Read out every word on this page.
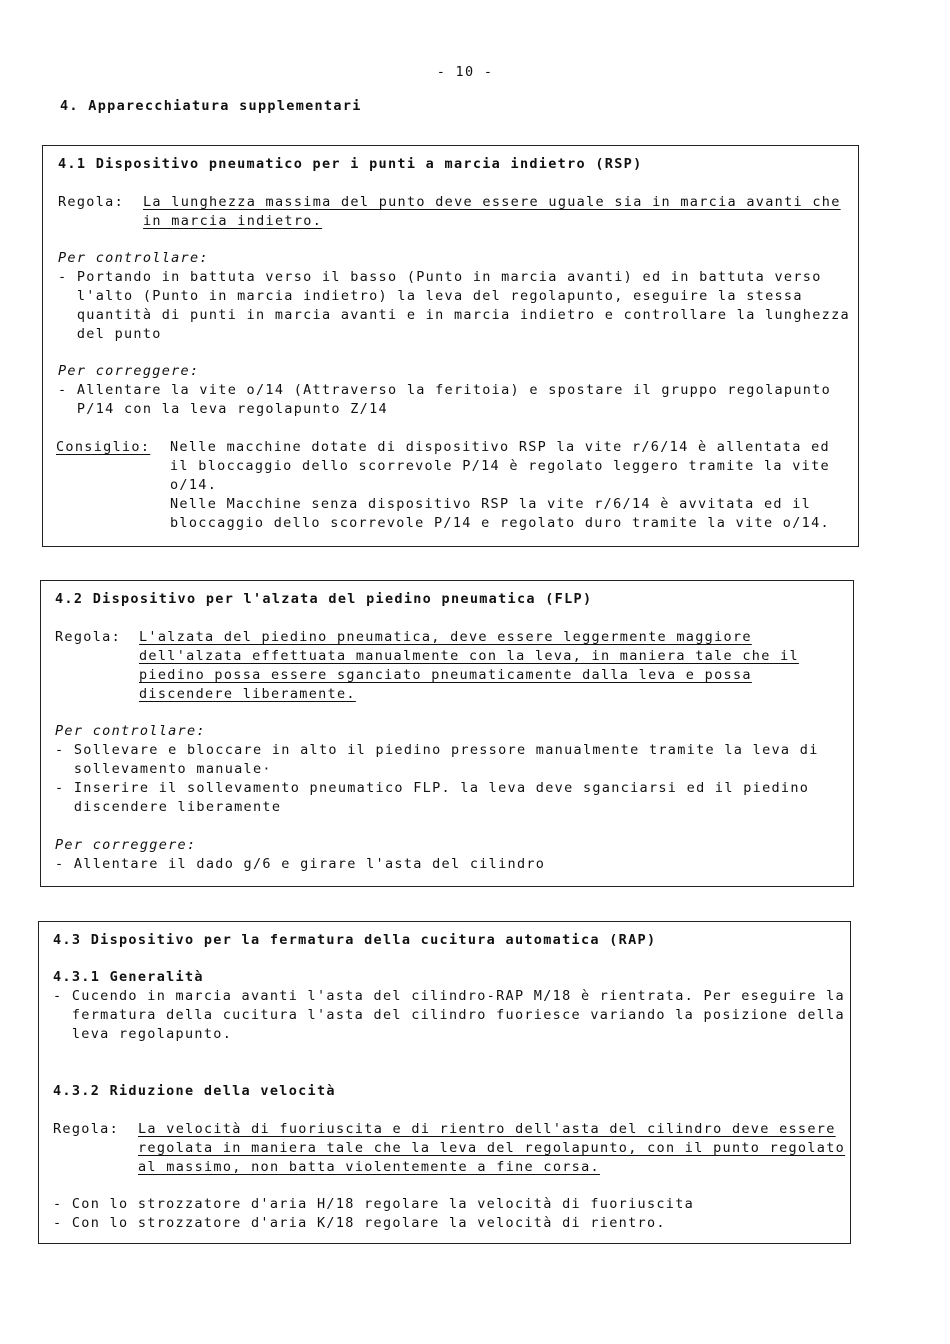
- 10 -
4. Apparecchiatura supplementari
4.1 Dispositivo pneumatico per i punti a marcia indietro (RSP)
Regola: La lunghezza massima del punto deve essere uguale sia in marcia avanti che
in marcia indietro.
Per controllare:
- Portando in battuta verso il basso (Punto in marcia avanti) ed in battuta verso
l'alto (Punto in marcia indietro) la leva del regolapunto, eseguire la stessa
quantità di punti in marcia avanti e in marcia indietro e controllare la lunghezza
del punto
Per correggere:
- Allentare la vite o/14 (Attraverso la feritoia) e spostare il gruppo regolapunto
P/14 con la leva regolapunto Z/14
Consiglio: Nelle macchine dotate di dispositivo RSP la vite r/6/14 è allentata ed
il bloccaggio dello scorrevole P/14 è regolato leggero tramite la vite
o/14.
Nelle Macchine senza dispositivo RSP la vite r/6/14 è avvitata ed il
bloccaggio dello scorrevole P/14 e regolato duro tramite la vite o/14.
4.2 Dispositivo per l'alzata del piedino pneumatica (FLP)
Regola: L'alzata del piedino pneumatica, deve essere leggermente maggiore
dell'alzata effettuata manualmente con la leva, in maniera tale che il
piedino possa essere sganciato pneumaticamente dalla leva e possa
discendere liberamente.
Per controllare:
- Sollevare e bloccare in alto il piedino pressore manualmente tramite la leva di
sollevamento manuale·
- Inserire il sollevamento pneumatico FLP. la leva deve sganciarsi ed il piedino
discendere liberamente
Per correggere:
- Allentare il dado g/6 e girare l'asta del cilindro
4.3 Dispositivo per la fermatura della cucitura automatica (RAP)
4.3.1 Generalità
- Cucendo in marcia avanti l'asta del cilindro-RAP M/18 è rientrata. Per eseguire la
fermatura della cucitura l'asta del cilindro fuoriesce variando la posizione della
leva regolapunto.
4.3.2 Riduzione della velocità
Regola: La velocità di fuoriuscita e di rientro dell'asta del cilindro deve essere
regolata in maniera tale che la leva del regolapunto, con il punto regolato
al massimo, non batta violentemente a fine corsa.
- Con lo strozzatore d'aria H/18 regolare la velocità di fuoriuscita
- Con lo strozzatore d'aria K/18 regolare la velocità di rientro.
